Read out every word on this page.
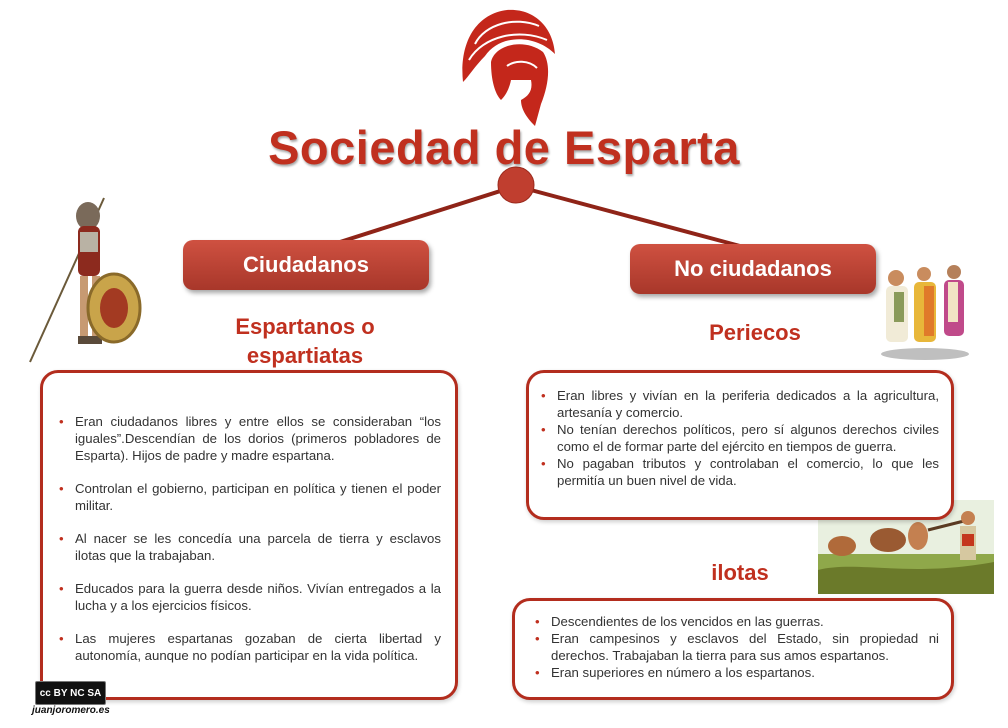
Sociedad de Esparta
Ciudadanos	No ciudadanos
Espartanos o
espartiatas
Periecos
ilotas
• Eran ciudadanos libres y entre ellos se consideraban “los iguales”.Descendían de los dorios (primeros pobladores de Esparta). Hijos de padre y madre espartana.
• Controlan el gobierno, participan en política y tienen el poder militar.
• Al nacer se les concedía una parcela de tierra y esclavos ilotas que la trabajaban.
• Educados para la guerra desde niños. Vivían entregados a la lucha y a los ejercicios físicos.
• Las mujeres espartanas gozaban de cierta libertad y autonomía, aunque no podían participar en la vida política.
• Eran libres y vivían en la periferia dedicados a la agricultura, artesanía y comercio.
• No tenían derechos políticos, pero sí algunos derechos civiles como el de formar parte del ejército en tiempos de guerra.
• No pagaban tributos y controlaban el comercio, lo que les permitía un buen nivel de vida.
• Descendientes de los vencidos en las guerras.
• Eran campesinos y esclavos del Estado, sin propiedad ni derechos. Trabajaban la tierra para sus amos espartanos.
• Eran superiores en número a los espartanos.
cc BY NC SA
juanjoromero.es
